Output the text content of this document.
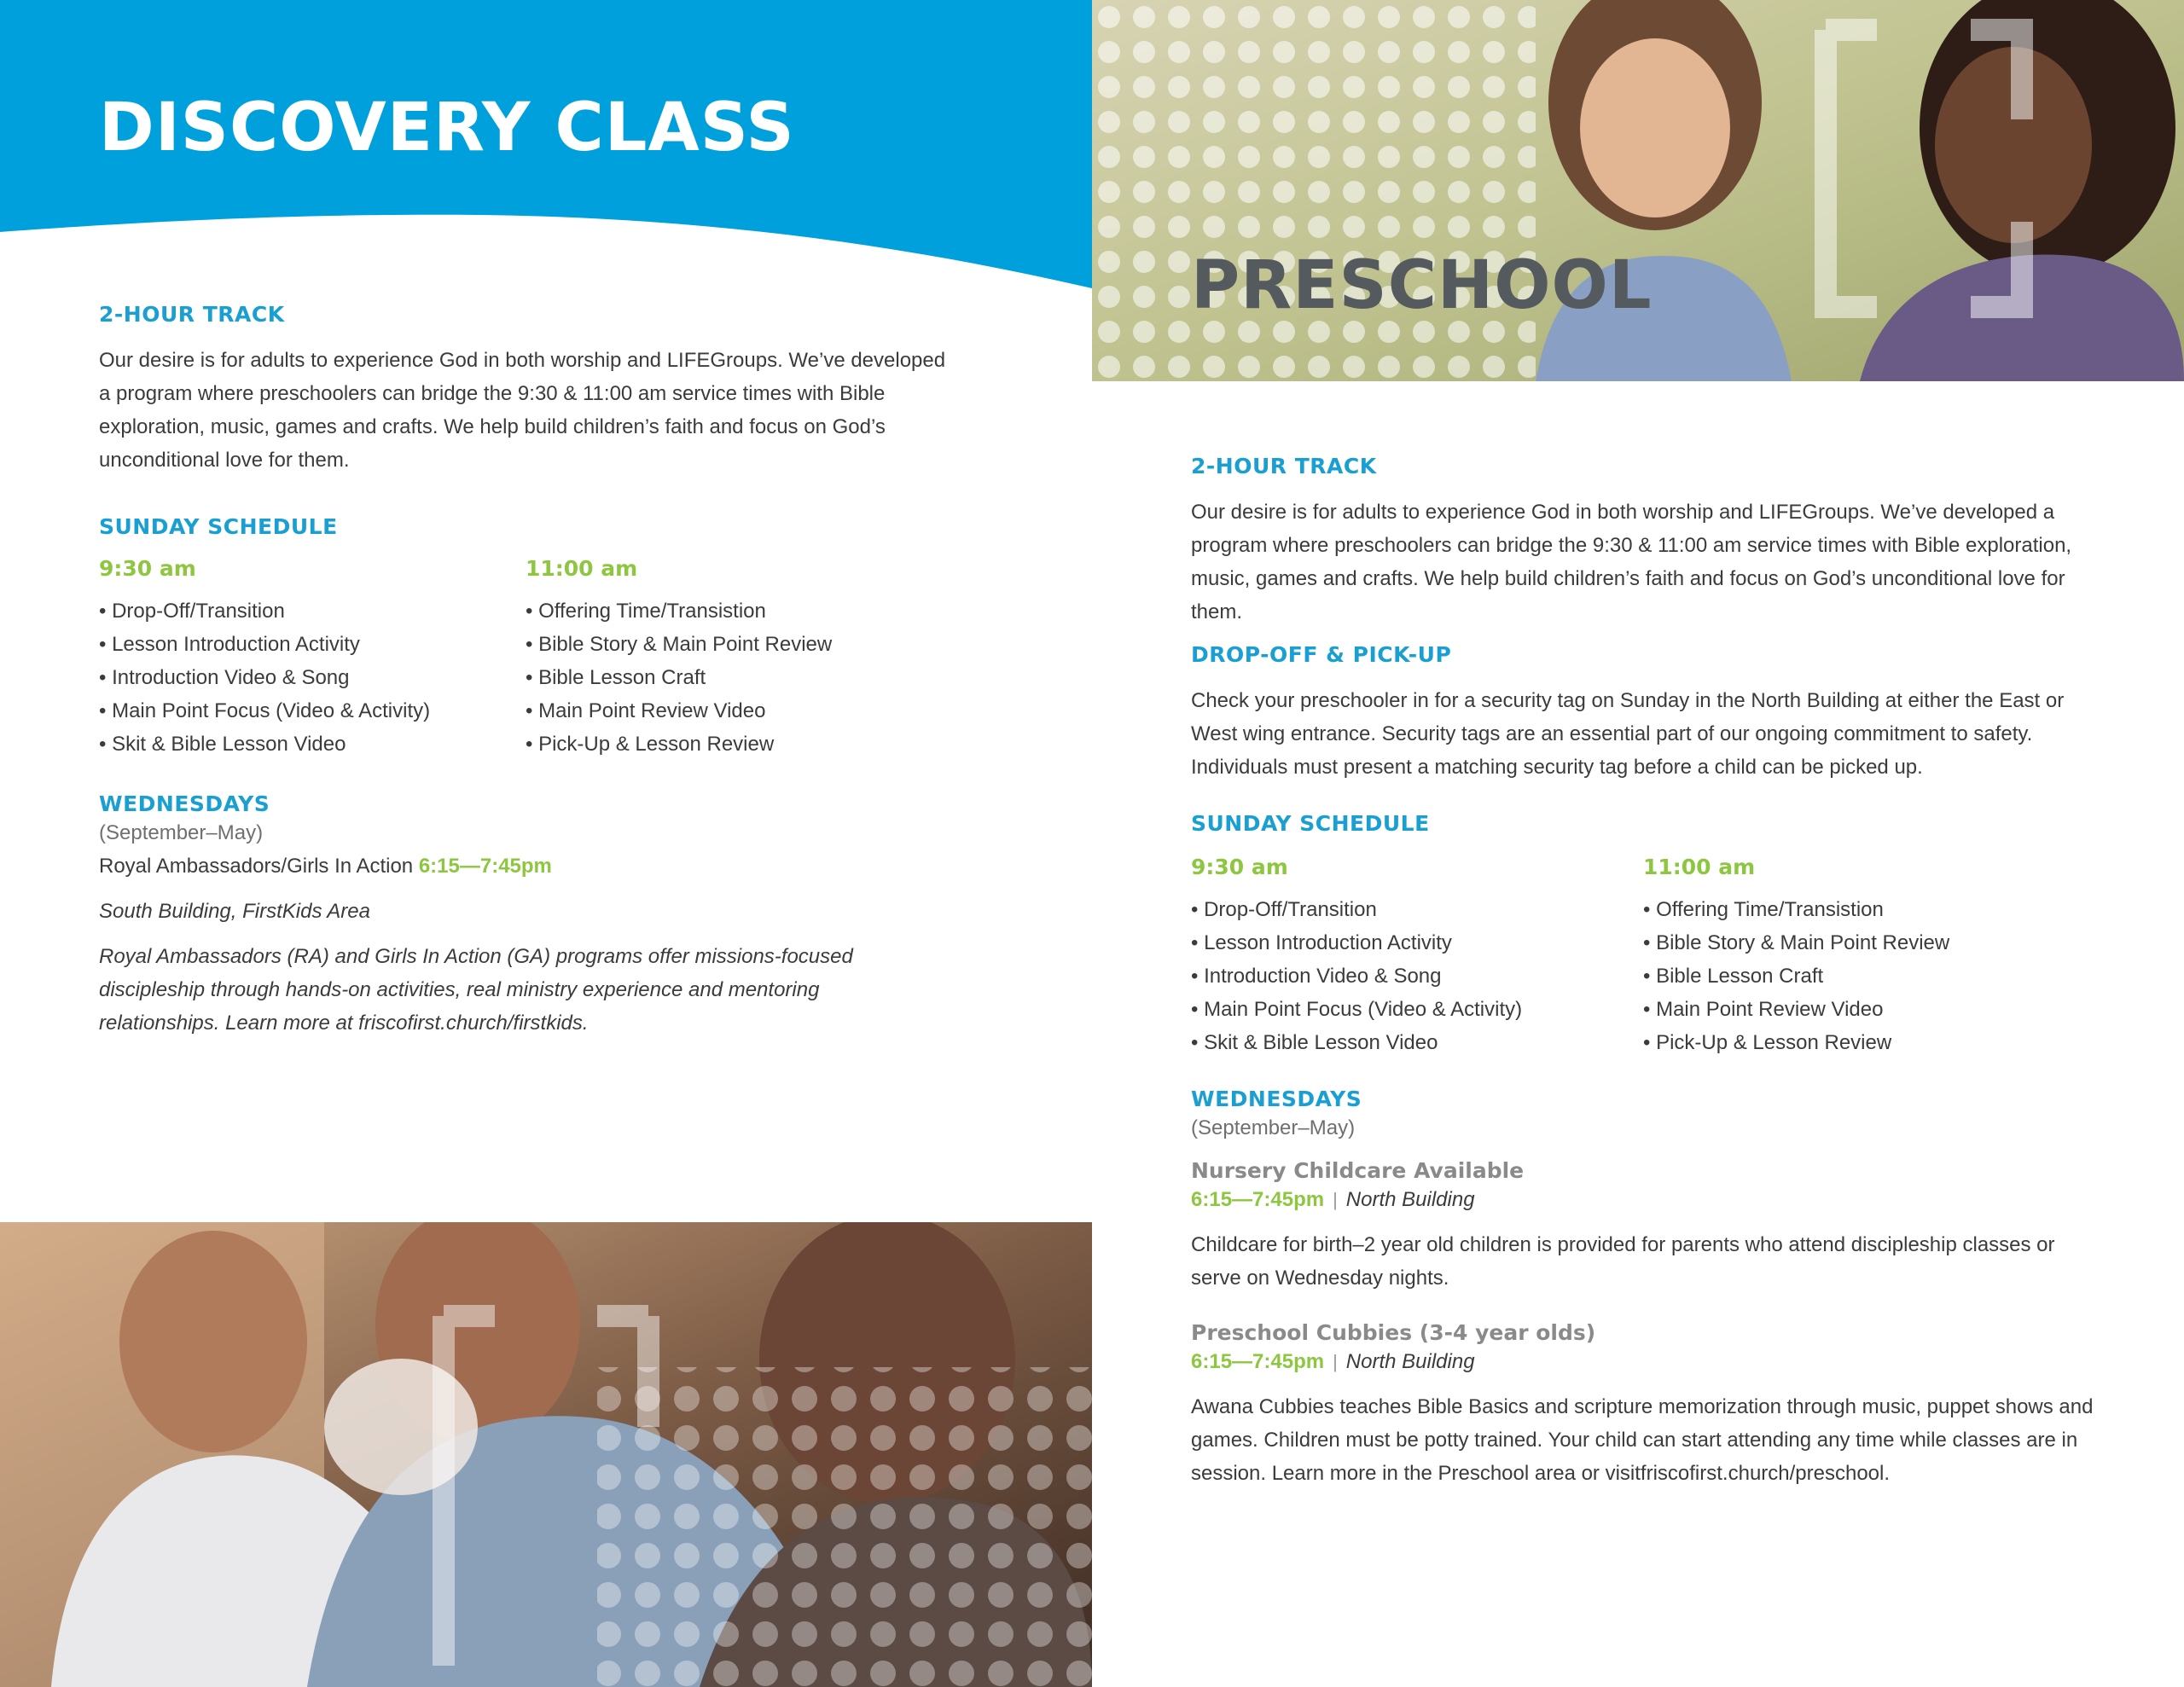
DISCOVERY CLASS
2-HOUR TRACK

Our desire is for adults to experience God in both worship and LIFEGroups. We’ve developed a program where preschoolers can bridge the 9:30 & 11:00 am service times with Bible exploration, music, games and crafts. We help build children’s faith and focus on God’s unconditional love for them.

SUNDAY SCHEDULE
9:30 am
• Drop-Off/Transition
• Lesson Introduction Activity
• Introduction Video & Song
• Main Point Focus (Video & Activity)
• Skit & Bible Lesson Video
11:00 am
• Offering Time/Transistion
• Bible Story & Main Point Review
• Bible Lesson Craft
• Main Point Review Video
• Pick-Up & Lesson Review
WEDNESDAYS

(September–May)

Royal Ambassadors/Girls In Action 6:15—7:45pm

South Building, FirstKids Area

Royal Ambassadors (RA) and Girls In Action (GA) programs offer missions-focused discipleship through hands-on activities, real ministry experience and mentoring relationships. Learn more at friscofirst.church/firstkids.

PRESCHOOL
2-HOUR TRACK

Our desire is for adults to experience God in both worship and LIFEGroups. We’ve developed a program where preschoolers can bridge the 9:30 & 11:00 am service times with Bible exploration, music, games and crafts. We help build children’s faith and focus on God’s unconditional love for them.

DROP-OFF & PICK-UP

Check your preschooler in for a security tag on Sunday in the North Building at either the East or West wing entrance. Security tags are an essential part of our ongoing commitment to safety. Individuals must present a matching security tag before a child can be picked up.

SUNDAY SCHEDULE
9:30 am
• Drop-Off/Transition
• Lesson Introduction Activity
• Introduction Video & Song
• Main Point Focus (Video & Activity)
• Skit & Bible Lesson Video
11:00 am
• Offering Time/Transistion
• Bible Story & Main Point Review
• Bible Lesson Craft
• Main Point Review Video
• Pick-Up & Lesson Review
WEDNESDAYS

(September–May)

Nursery Childcare Available

6:15—7:45pm | North Building

Childcare for birth–2 year old children is provided for parents who attend discipleship classes or serve on Wednesday nights.

Preschool Cubbies (3-4 year olds)

6:15—7:45pm | North Building

Awana Cubbies teaches Bible Basics and scripture memorization through music, puppet shows and games. Children must be potty trained. Your child can start attending any time while classes are in session. Learn more in the Preschool area or visitfriscofirst.church/preschool.
